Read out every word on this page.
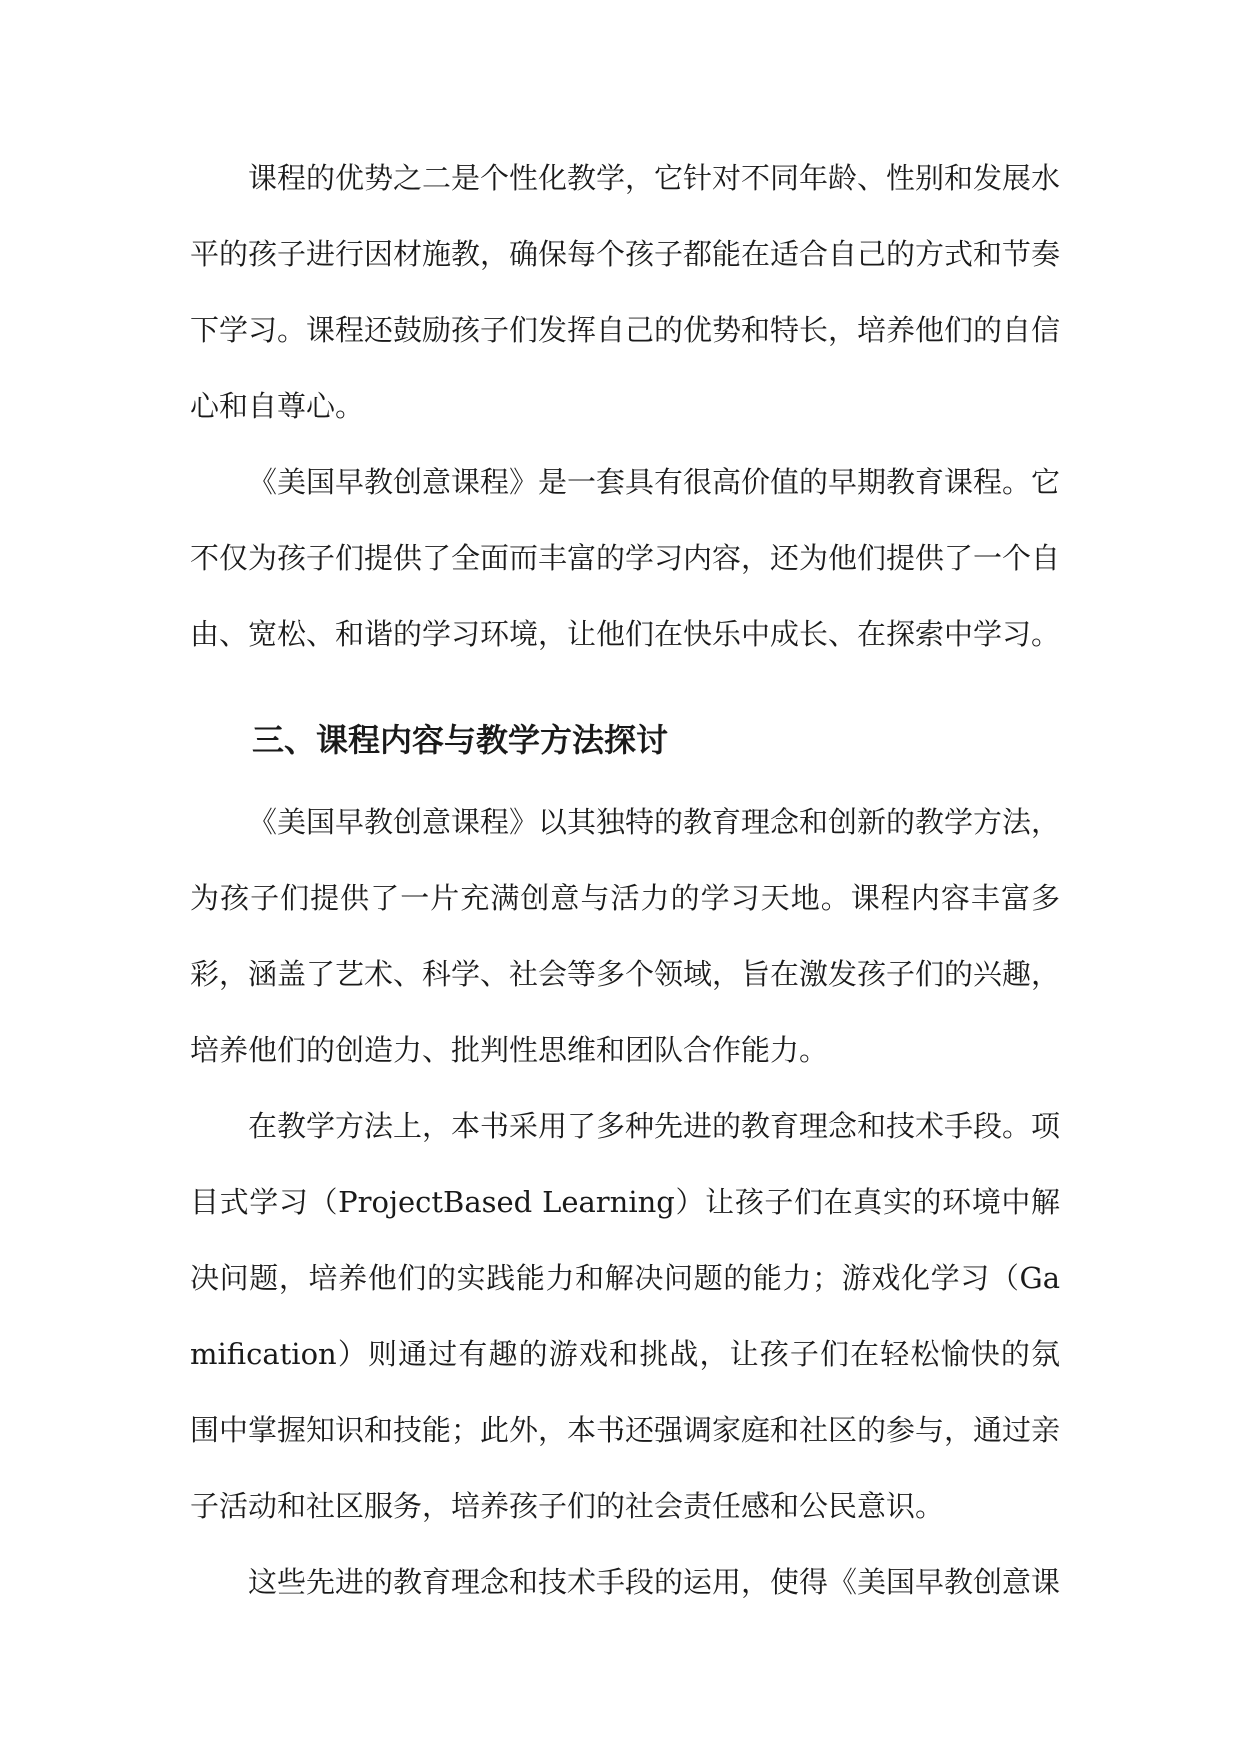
课程的优势之二是个性化教学，它针对不同年龄、性别和发展水平的孩子进行因材施教，确保每个孩子都能在适合自己的方式和节奏下学习。课程还鼓励孩子们发挥自己的优势和特长，培养他们的自信心和自尊心。

《美国早教创意课程》是一套具有很高价值的早期教育课程。它不仅为孩子们提供了全面而丰富的学习内容，还为他们提供了一个自由、宽松、和谐的学习环境，让他们在快乐中成长、在探索中学习。

三、课程内容与教学方法探讨

《美国早教创意课程》以其独特的教育理念和创新的教学方法，为孩子们提供了一片充满创意与活力的学习天地。课程内容丰富多彩，涵盖了艺术、科学、社会等多个领域，旨在激发孩子们的兴趣，培养他们的创造力、批判性思维和团队合作能力。

在教学方法上，本书采用了多种先进的教育理念和技术手段。项目式学习（ProjectBased Learning）让孩子们在真实的环境中解决问题，培养他们的实践能力和解决问题的能力；游戏化学习（Gamification）则通过有趣的游戏和挑战，让孩子们在轻松愉快的氛围中掌握知识和技能；此外，本书还强调家庭和社区的参与，通过亲子活动和社区服务，培养孩子们的社会责任感和公民意识。

这些先进的教育理念和技术手段的运用，使得《美国早教创意课
